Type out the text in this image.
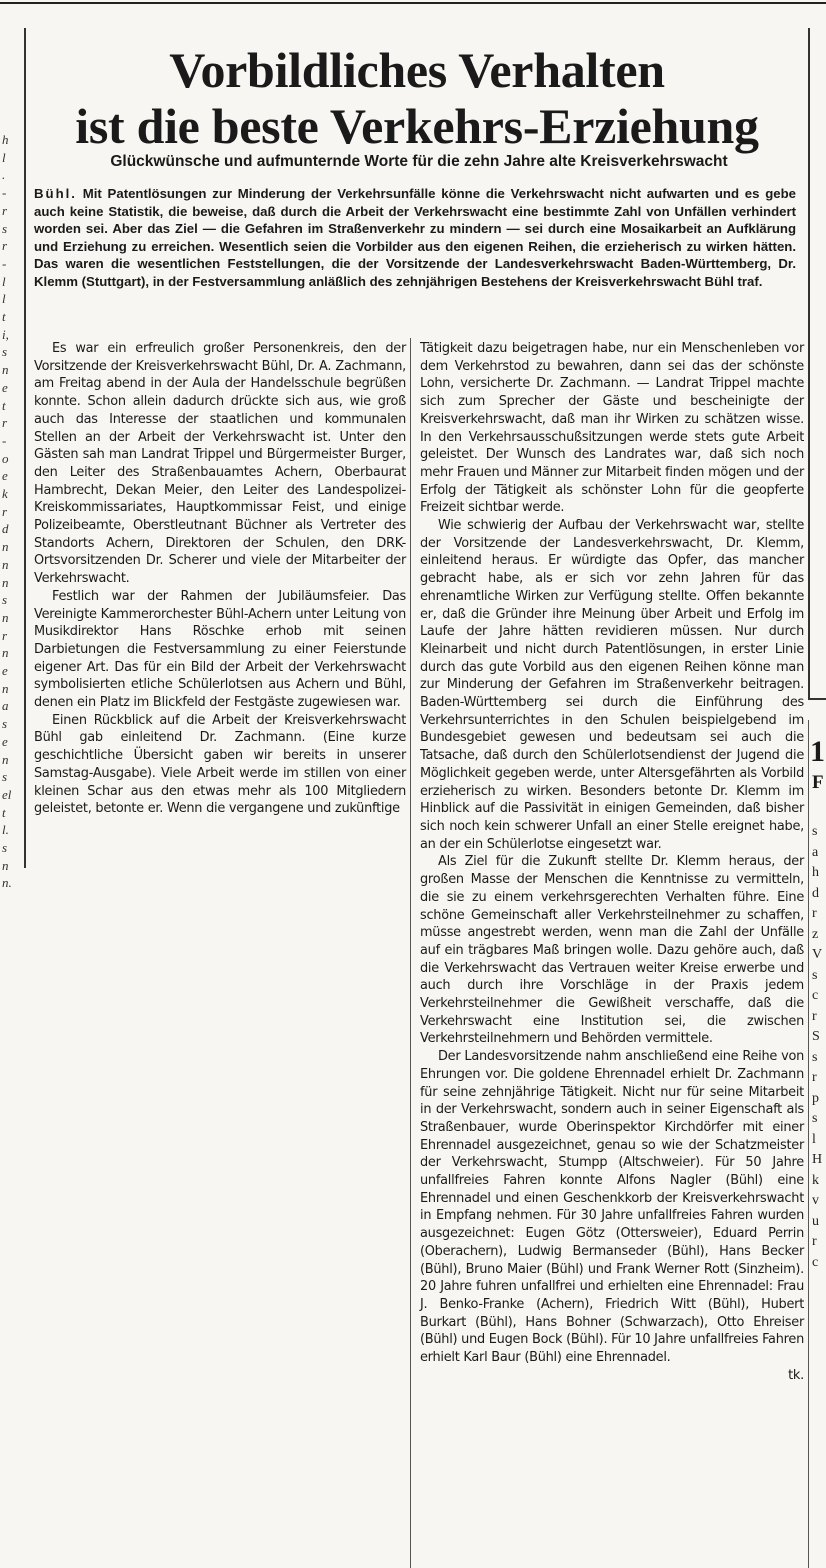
h
l
.
-
r
s
r
-
l
l
t
i,
s
n
e
t
r
-
o
e
k
r
d
n
n
n
s
n
r
n
e
n
a
s
e
n
s
el
t
l.
s
n
n.
s
a
h
d
r
z
V
s
c
r
S
s
r
p
s
l
H
k
v
u
r
c
1
F
Vorbildliches Verhalten
ist die beste Verkehrs-Erziehung
Glückwünsche und aufmunternde Worte für die zehn Jahre alte Kreisverkehrswacht
Bühl. Mit Patentlösungen zur Minderung der Verkehrsunfälle könne die Verkehrswacht nicht aufwarten und es gebe auch keine Statistik, die beweise, daß durch die Arbeit der Verkehrswacht eine bestimmte Zahl von Unfällen verhindert worden sei. Aber das Ziel — die Gefahren im Straßenverkehr zu mindern — sei durch eine Mosaikarbeit an Aufklärung und Erziehung zu erreichen. Wesentlich seien die Vorbilder aus den eigenen Reihen, die erzieherisch zu wirken hätten. Das waren die wesentlichen Feststellungen, die der Vorsitzende der Landesverkehrswacht Baden-Württemberg, Dr. Klemm (Stuttgart), in der Festversammlung anläßlich des zehnjährigen Bestehens der Kreisverkehrswacht Bühl traf.

Es war ein erfreulich großer Personenkreis, den der Vorsitzende der Kreisverkehrswacht Bühl, Dr. A. Zachmann, am Freitag abend in der Aula der Handelsschule begrüßen konnte. Schon allein dadurch drückte sich aus, wie groß auch das Interesse der staatlichen und kommunalen Stellen an der Arbeit der Verkehrswacht ist. Unter den Gästen sah man Landrat Trippel und Bürgermeister Burger, den Leiter des Straßenbauamtes Achern, Oberbaurat Hambrecht, Dekan Meier, den Leiter des Landespolizei-Kreiskommissariates, Hauptkommissar Feist, und einige Polizeibeamte, Oberstleutnant Büchner als Vertreter des Standorts Achern, Direktoren der Schulen, den DRK-Ortsvorsitzenden Dr. Scherer und viele der Mitarbeiter der Verkehrswacht.

Festlich war der Rahmen der Jubiläumsfeier. Das Vereinigte Kammerorchester Bühl-Achern unter Leitung von Musikdirektor Hans Röschke erhob mit seinen Darbietungen die Festversammlung zu einer Feierstunde eigener Art. Das für ein Bild der Arbeit der Verkehrswacht symbolisierten etliche Schülerlotsen aus Achern und Bühl, denen ein Platz im Blickfeld der Festgäste zugewiesen war.

Einen Rückblick auf die Arbeit der Kreisverkehrswacht Bühl gab einleitend Dr. Zachmann. (Eine kurze geschichtliche Übersicht gaben wir bereits in unserer Samstag-Ausgabe). Viele Arbeit werde im stillen von einer kleinen Schar aus den etwas mehr als 100 Mitgliedern geleistet, betonte er. Wenn die vergangene und zukünftige

Tätigkeit dazu beigetragen habe, nur ein Menschenleben vor dem Verkehrstod zu bewahren, dann sei das der schönste Lohn, versicherte Dr. Zachmann. — Landrat Trippel machte sich zum Sprecher der Gäste und bescheinigte der Kreisverkehrswacht, daß man ihr Wirken zu schätzen wisse. In den Verkehrsausschußsitzungen werde stets gute Arbeit geleistet. Der Wunsch des Landrates war, daß sich noch mehr Frauen und Männer zur Mitarbeit finden mögen und der Erfolg der Tätigkeit als schönster Lohn für die geopferte Freizeit sichtbar werde.

Wie schwierig der Aufbau der Verkehrswacht war, stellte der Vorsitzende der Landesverkehrswacht, Dr. Klemm, einleitend heraus. Er würdigte das Opfer, das mancher gebracht habe, als er sich vor zehn Jahren für das ehrenamtliche Wirken zur Verfügung stellte. Offen bekannte er, daß die Gründer ihre Meinung über Arbeit und Erfolg im Laufe der Jahre hätten revidieren müssen. Nur durch Kleinarbeit und nicht durch Patentlösungen, in erster Linie durch das gute Vorbild aus den eigenen Reihen könne man zur Minderung der Gefahren im Straßenverkehr beitragen. Baden-Württemberg sei durch die Einführung des Verkehrsunterrichtes in den Schulen beispielgebend im Bundesgebiet gewesen und bedeutsam sei auch die Tatsache, daß durch den Schülerlotsendienst der Jugend die Möglichkeit gegeben werde, unter Altersgefährten als Vorbild erzieherisch zu wirken. Besonders betonte Dr. Klemm im Hinblick auf die Passivität in einigen Gemeinden, daß bisher sich noch kein schwerer Unfall an einer Stelle ereignet habe, an der ein Schülerlotse eingesetzt war.

Als Ziel für die Zukunft stellte Dr. Klemm heraus, der großen Masse der Menschen die Kenntnisse zu vermitteln, die sie zu einem verkehrsgerechten Verhalten führe. Eine schöne Gemeinschaft aller Verkehrsteilnehmer zu schaffen, müsse angestrebt werden, wenn man die Zahl der Unfälle auf ein trägbares Maß bringen wolle. Dazu gehöre auch, daß die Verkehrswacht das Vertrauen weiter Kreise erwerbe und auch durch ihre Vorschläge in der Praxis jedem Verkehrsteilnehmer die Gewißheit verschaffe, daß die Verkehrswacht eine Institution sei, die zwischen Verkehrsteilnehmern und Behörden vermittele.

Der Landesvorsitzende nahm anschließend eine Reihe von Ehrungen vor. Die goldene Ehrennadel erhielt Dr. Zachmann für seine zehnjährige Tätigkeit. Nicht nur für seine Mitarbeit in der Verkehrswacht, sondern auch in seiner Eigenschaft als Straßenbauer, wurde Oberinspektor Kirchdörfer mit einer Ehrennadel ausgezeichnet, genau so wie der Schatzmeister der Verkehrswacht, Stumpp (Altschweier). Für 50 Jahre unfallfreies Fahren konnte Alfons Nagler (Bühl) eine Ehrennadel und einen Geschenkkorb der Kreisverkehrswacht in Empfang nehmen. Für 30 Jahre unfallfreies Fahren wurden ausgezeichnet: Eugen Götz (Ottersweier), Eduard Perrin (Oberachern), Ludwig Bermanseder (Bühl), Hans Becker (Bühl), Bruno Maier (Bühl) und Frank Werner Rott (Sinzheim). 20 Jahre fuhren unfallfrei und erhielten eine Ehrennadel: Frau J. Benko-Franke (Achern), Friedrich Witt (Bühl), Hubert Burkart (Bühl), Hans Bohner (Schwarzach), Otto Ehreiser (Bühl) und Eugen Bock (Bühl). Für 10 Jahre unfallfreies Fahren erhielt Karl Baur (Bühl) eine Ehrennadel.

tk.
